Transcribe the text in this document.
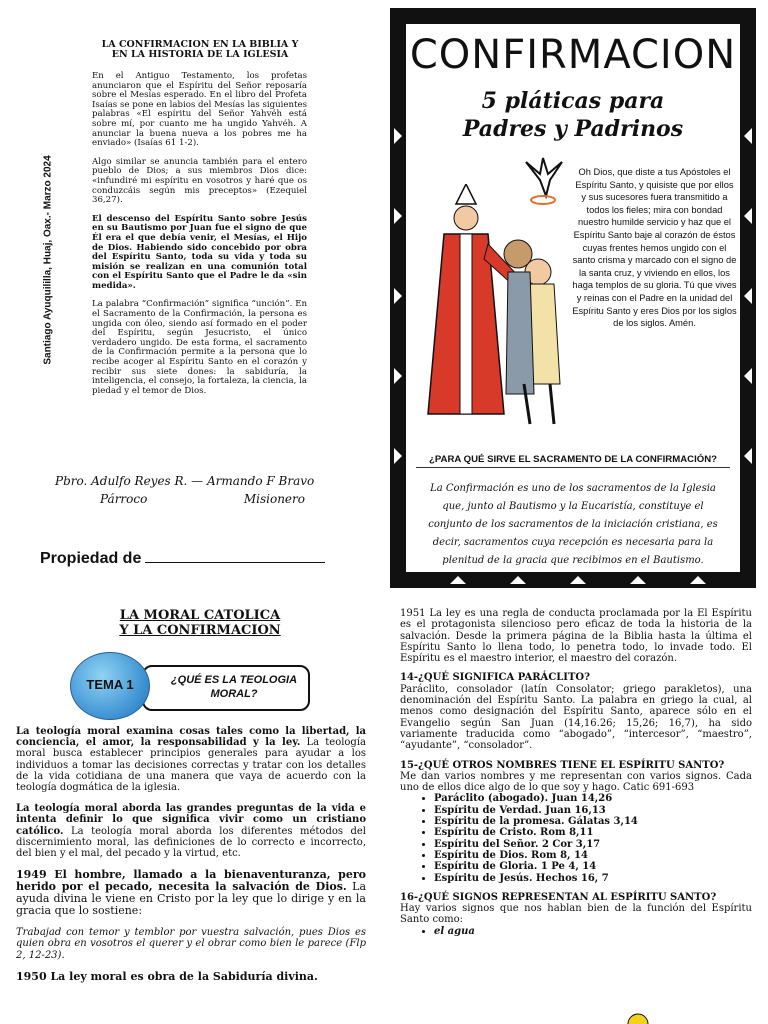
LA CONFIRMACION EN LA BIBLIA Y EN LA HISTORIA DE LA IGLESIA

En el Antiguo Testamento, los profetas anunciaron que el Espíritu del Señor reposaría sobre el Mesías esperado. En el libro del Profeta Isaías se pone en labios del Mesías las siguientes palabras «El espíritu del Señor Yahvéh está sobre mí, por cuanto me ha ungido Yahvéh. A anunciar la buena nueva a los pobres me ha enviado» (Isaías 61 1-2).

Algo similar se anuncia también para el entero pueblo de Dios; a sus miembros Dios dice: «infundiré mi espíritu en vosotros y haré que os conduzcáis según mis preceptos» (Ezequiel 36,27).

El descenso del Espíritu Santo sobre Jesús en su Bautismo por Juan fue el signo de que Él era el que debía venir, el Mesías, el Hijo de Dios. Habiendo sido concebido por obra del Espíritu Santo, toda su vida y toda su misión se realizan en una comunión total con el Espíritu Santo que el Padre le da «sin medida».

La palabra “Confirmación” significa “unción”. En el Sacramento de la Confirmación, la persona es ungida con óleo, siendo así formado en el poder del Espíritu, según Jesucristo, el único verdadero ungido. De esta forma, el sacramento de la Confirmación permite a la persona que lo recibe acoger al Espíritu Santo en el corazón y recibir sus siete dones: la sabiduría, la inteligencia, el consejo, la fortaleza, la ciencia, la piedad y el temor de Dios.

Santiago Ayuquililla, Huaj, Oax.- Marzo 2024
Pbro. Adulfo Reyes R. — Armando F Bravo
Párroco	Misionero
Propiedad de
CONFIRMACION
5 pláticas para
Padres y Padrinos
Oh Dios, que diste a tus Apóstoles el Espíritu Santo, y quisiste que por ellos y sus sucesores fuera transmitido a todos los fieles; mira con bondad nuestro humilde servicio y haz que el Espíritu Santo baje al corazón de éstos cuyas frentes hemos ungido con el santo crisma y marcado con el signo de la santa cruz, y viviendo en ellos, los haga templos de su gloria. Tú que vives y reinas con el Padre en la unidad del Espíritu Santo y eres Dios por los siglos de los siglos. Amén.
¿PARA QUÉ SIRVE EL SACRAMENTO DE LA CONFIRMACIÓN?
La Confirmación es uno de los sacramentos de la Iglesia que, junto al Bautismo y la Eucaristía, constituye el conjunto de los sacramentos de la iniciación cristiana, es decir, sacramentos cuya recepción es necesaria para la plenitud de la gracia que recibimos en el Bautismo.
LA MORAL CATOLICA
Y LA CONFIRMACION
¿QUÉ ES LA TEOLOGIA MORAL?
TEMA 1

La teología moral examina cosas tales como la libertad, la conciencia, el amor, la responsabilidad y la ley. La teología moral busca establecer principios generales para ayudar a los individuos a tomar las decisiones correctas y tratar con los detalles de la vida cotidiana de una manera que vaya de acuerdo con la teología dogmática de la iglesia.

La teología moral aborda las grandes preguntas de la vida e intenta definir lo que significa vivir como un cristiano católico. La teología moral aborda los diferentes métodos del discernimiento moral, las definiciones de lo correcto e incorrecto, del bien y el mal, del pecado y la virtud, etc.

1949 El hombre, llamado a la bienaventuranza, pero herido por el pecado, necesita la salvación de Dios. La ayuda divina le viene en Cristo por la ley que lo dirige y en la gracia que lo sostiene:

Trabajad con temor y temblor por vuestra salvación, pues Dios es quien obra en vosotros el querer y el obrar como bien le parece (Flp 2, 12-23).

1950 La ley moral es obra de la Sabiduría divina.

1951 La ley es una regla de conducta proclamada por la El Espíritu es el protagonista silencioso pero eficaz de toda la historia de la salvación. Desde la primera página de la Biblia hasta la última el Espíritu Santo lo llena todo, lo penetra todo, lo invade todo. El Espíritu es el maestro interior, el maestro del corazón.

14-¿QUÉ SIGNIFICA PARÁCLITO?

Paráclito, consolador (latín Consolator; griego parakletos), una denominación del Espíritu Santo. La palabra en griego la cual, al menos como designación del Espíritu Santo, aparece sólo en el Evangelio según San Juan (14,16.26; 15,26; 16,7), ha sido variamente traducida como “abogado”, “intercesor”, “maestro”, “ayudante”, “consolador”.

15-¿QUÉ OTROS NOMBRES TIENE EL ESPÍRITU SANTO?
Me dan varios nombres y me representan con varios signos. Cada uno de ellos dice algo de lo que soy y hago. Catic 691-693
• Paráclito (abogado). Juan 14,26
• Espíritu de Verdad. Juan 16,13
• Espíritu de la promesa. Gálatas 3,14
• Espíritu de Cristo. Rom 8,11
• Espíritu del Señor. 2 Cor 3,17
• Espíritu de Dios. Rom 8, 14
• Espíritu de Gloria. 1 Pe 4, 14
• Espíritu de Jesús. Hechos 16, 7
16-¿QUÉ SIGNOS REPRESENTAN AL ESPÍRITU SANTO?
Hay varios signos que nos hablan bien de la función del Espíritu Santo como:
• el agua
